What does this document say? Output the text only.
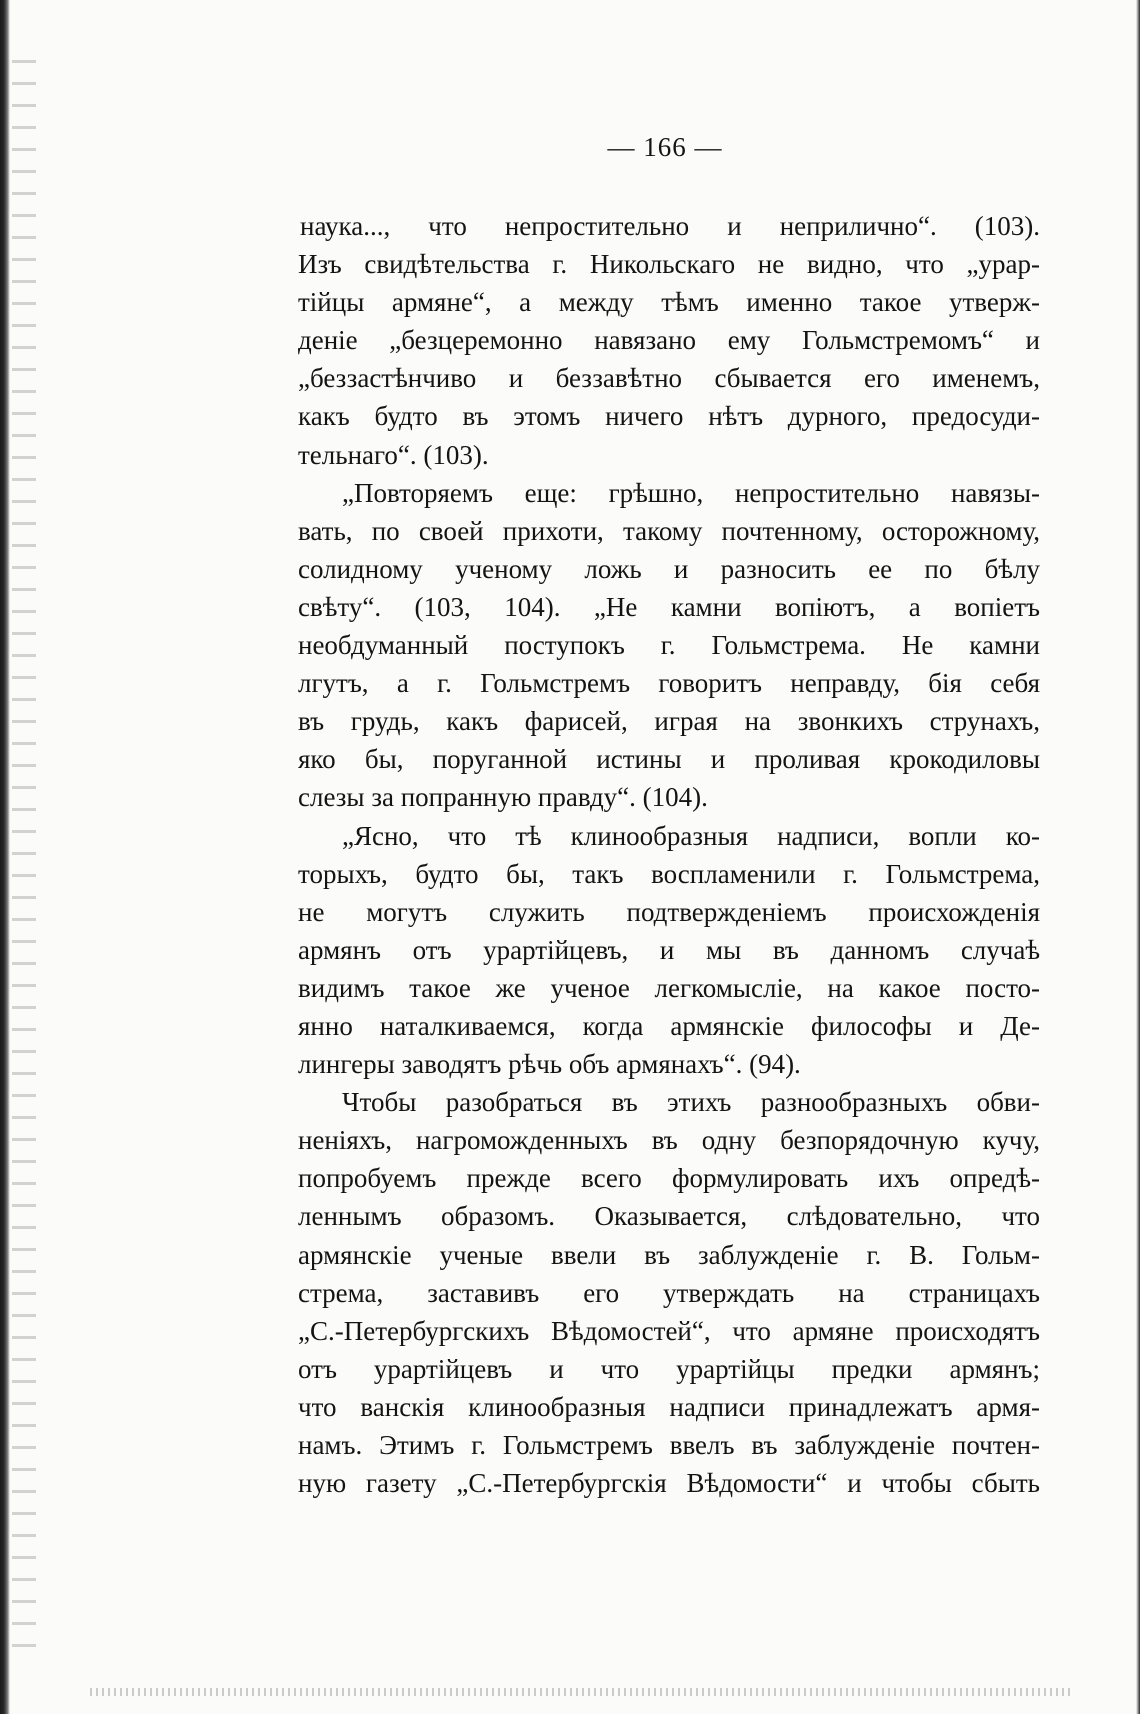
— 166 —
наука..., что непростительно и неприлично“. (103).
Изъ свидѣтельства г. Никольскаго не видно, что „урар-
тійцы армяне“, а между тѣмъ именно такое утверж-
деніе „безцеремонно навязано ему Гольмстремомъ“ и
„беззастѣнчиво и беззавѣтно сбывается его именемъ,
какъ будто въ этомъ ничего нѣтъ дурного, предосуди-
тельнаго“. (103).
„Повторяемъ еще: грѣшно, непростительно навязы-
вать, по своей прихоти, такому почтенному, осторожному,
солидному ученому ложь и разносить ее по бѣлу
свѣту“. (103, 104). „Не камни вопіютъ, а вопіетъ
необдуманный поступокъ г. Гольмстрема. Не камни
лгутъ, а г. Гольмстремъ говоритъ неправду, бія себя
въ грудь, какъ фарисей, играя на звонкихъ струнахъ,
яко бы, поруганной истины и проливая крокодиловы
слезы за попранную правду“. (104).
„Ясно, что тѣ клинообразныя надписи, вопли ко-
торыхъ, будто бы, такъ воспламенили г. Гольмстрема,
не могутъ служить подтвержденіемъ происхожденія
армянъ отъ урартійцевъ, и мы въ данномъ случаѣ
видимъ такое же ученое легкомысліе, на какое посто-
янно наталкиваемся, когда армянскіе философы и Де-
лингеры заводятъ рѣчь объ армянахъ“. (94).
Чтобы разобраться въ этихъ разнообразныхъ обви-
неніяхъ, нагроможденныхъ въ одну безпорядочную кучу,
попробуемъ прежде всего формулировать ихъ опредѣ-
леннымъ образомъ. Оказывается, слѣдовательно, что
армянскіе ученые ввели въ заблужденіе г. В. Гольм-
стрема, заставивъ его утверждать на страницахъ
„С.-Петербургскихъ Вѣдомостей“, что армяне происходятъ
отъ урартійцевъ и что урартійцы предки армянъ;
что ванскія клинообразныя надписи принадлежатъ армя-
намъ. Этимъ г. Гольмстремъ ввелъ въ заблужденіе почтен-
ную газету „С.-Петербургскія Вѣдомости“ и чтобы сбыть
